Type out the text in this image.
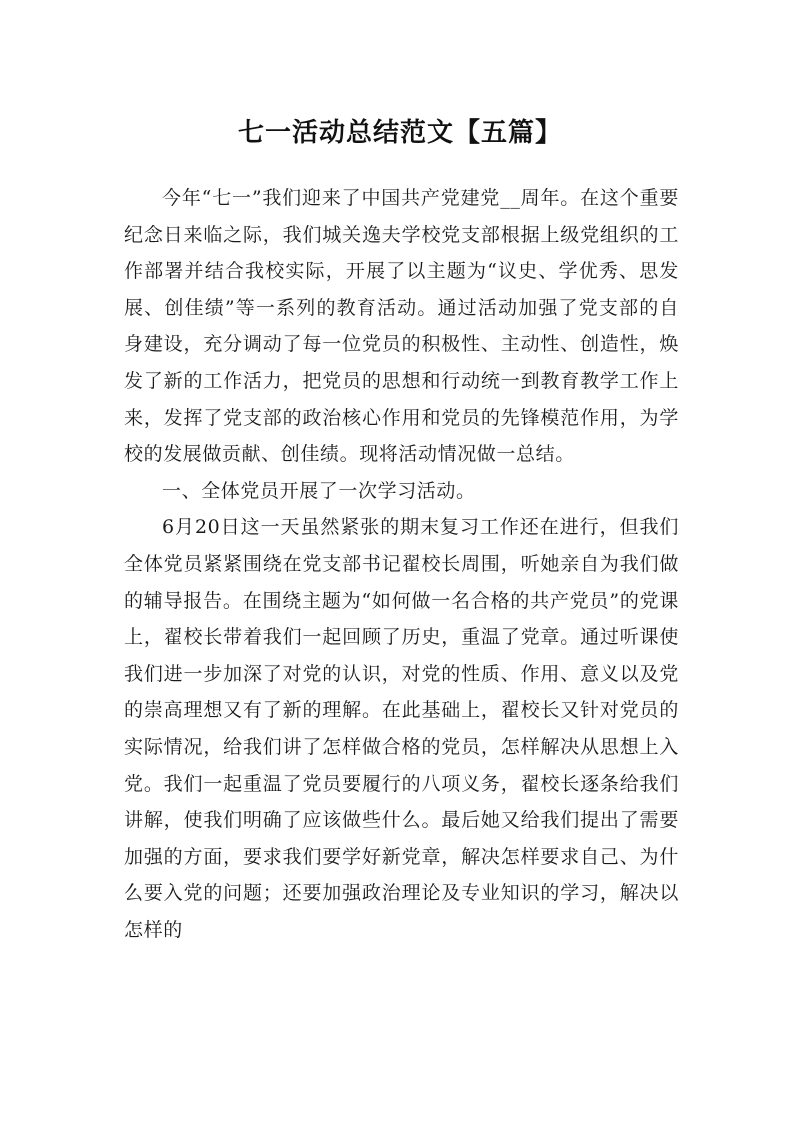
七一活动总结范文【五篇】

今年“七一”我们迎来了中国共产党建党__周年。在这个重要纪念日来临之际，我们城关逸夫学校党支部根据上级党组织的工作部署并结合我校实际，开展了以主题为“议史、学优秀、思发展、创佳绩”等一系列的教育活动。通过活动加强了党支部的自身建设，充分调动了每一位党员的积极性、主动性、创造性，焕发了新的工作活力，把党员的思想和行动统一到教育教学工作上来，发挥了党支部的政治核心作用和党员的先锋模范作用，为学校的发展做贡献、创佳绩。现将活动情况做一总结。

一、全体党员开展了一次学习活动。

6月20日这一天虽然紧张的期末复习工作还在进行，但我们全体党员紧紧围绕在党支部书记翟校长周围，听她亲自为我们做的辅导报告。在围绕主题为“如何做一名合格的共产党员”的党课上，翟校长带着我们一起回顾了历史，重温了党章。通过听课使我们进一步加深了对党的认识，对党的性质、作用、意义以及党的崇高理想又有了新的理解。在此基础上，翟校长又针对党员的实际情况，给我们讲了怎样做合格的党员，怎样解决从思想上入党。我们一起重温了党员要履行的八项义务，翟校长逐条给我们讲解，使我们明确了应该做些什么。最后她又给我们提出了需要加强的方面，要求我们要学好新党章，解决怎样要求自己、为什么要入党的问题；还要加强政治理论及专业知识的学习，解决以怎样的
